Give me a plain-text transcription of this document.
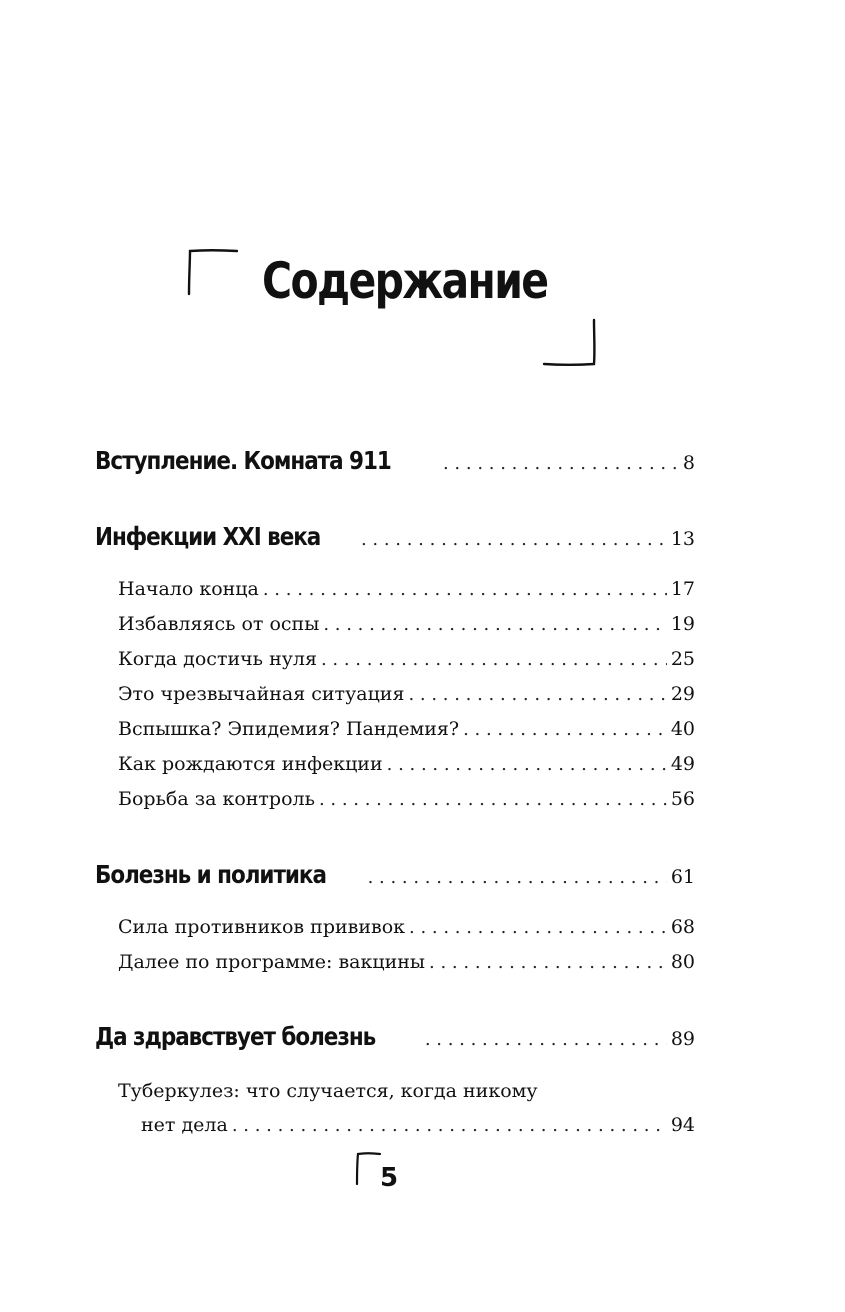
Содержание
Вступление. Комната 911 . . .	8
Инфекции XXI века . . .	13
Начало конца . . .	17
Избавляясь от оспы . . .	19
Когда достичь нуля . . .	25
Это чрезвычайная ситуация . . .	29
Вспышка? Эпидемия? Пандемия? . . .	40
Как рождаются инфекции . . .	49
Борьба за контроль . . .	56
Болезнь и политика . . .	61
Сила противников прививок . . .	68
Далее по программе: вакцины . . .	80
Да здравствует болезнь . . .	89
Туберкулез: что случается, когда никому
нет дела . . .	94
5
